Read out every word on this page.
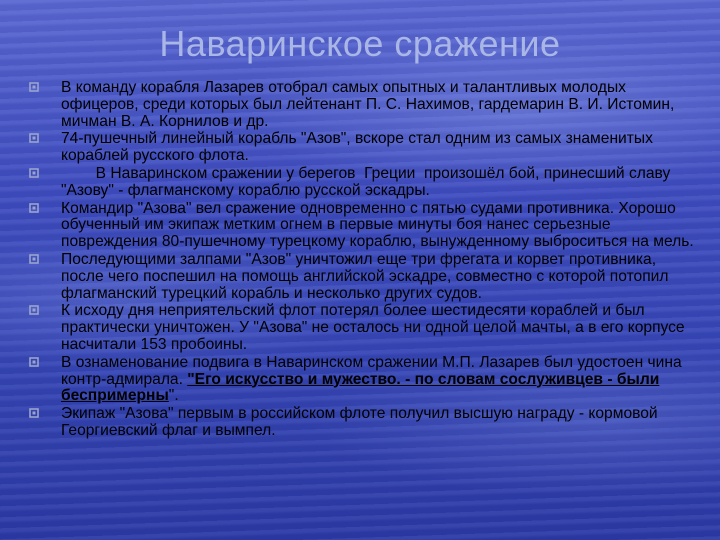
Наваринское сражение
В команду корабля Лазарев отобрал самых опытных и талантливых молодых офицеров, среди которых был лейтенант П. С. Нахимов, гардемарин В. И. Истомин, мичман В. А. Корнилов и др.
74-пушечный линейный корабль "Азов", вскоре стал одним из самых знаменитых кораблей русского флота.
В Наваринском сражении у берегов  Греции  произошёл бой, принесший славу "Азову" - флагманскому кораблю русской эскадры.
Командир "Азова" вел сражение одновременно с пятью судами противника. Хорошо обученный им экипаж метким огнем в первые минуты боя нанес серьезные повреждения 80-пушечному турецкому кораблю, вынужденному выброситься на мель.
Последующими залпами "Азов" уничтожил еще три фрегата и корвет противника, после чего поспешил на помощь английской эскадре, совместно с которой потопил флагманский турецкий корабль и несколько других судов.
К исходу дня неприятельский флот потерял более шестидесяти кораблей и был практически уничтожен. У "Азова" не осталось ни одной целой мачты, а в его корпусе насчитали 153 пробоины.
В ознаменование подвига в Наваринском сражении М.П. Лазарев был удостоен чина контр-адмирала. "Его искусство и мужество. - по словам сослуживцев - были беспримерны".
Экипаж "Азова" первым в российском флоте получил высшую награду - кормовой Георгиевский флаг и вымпел.
